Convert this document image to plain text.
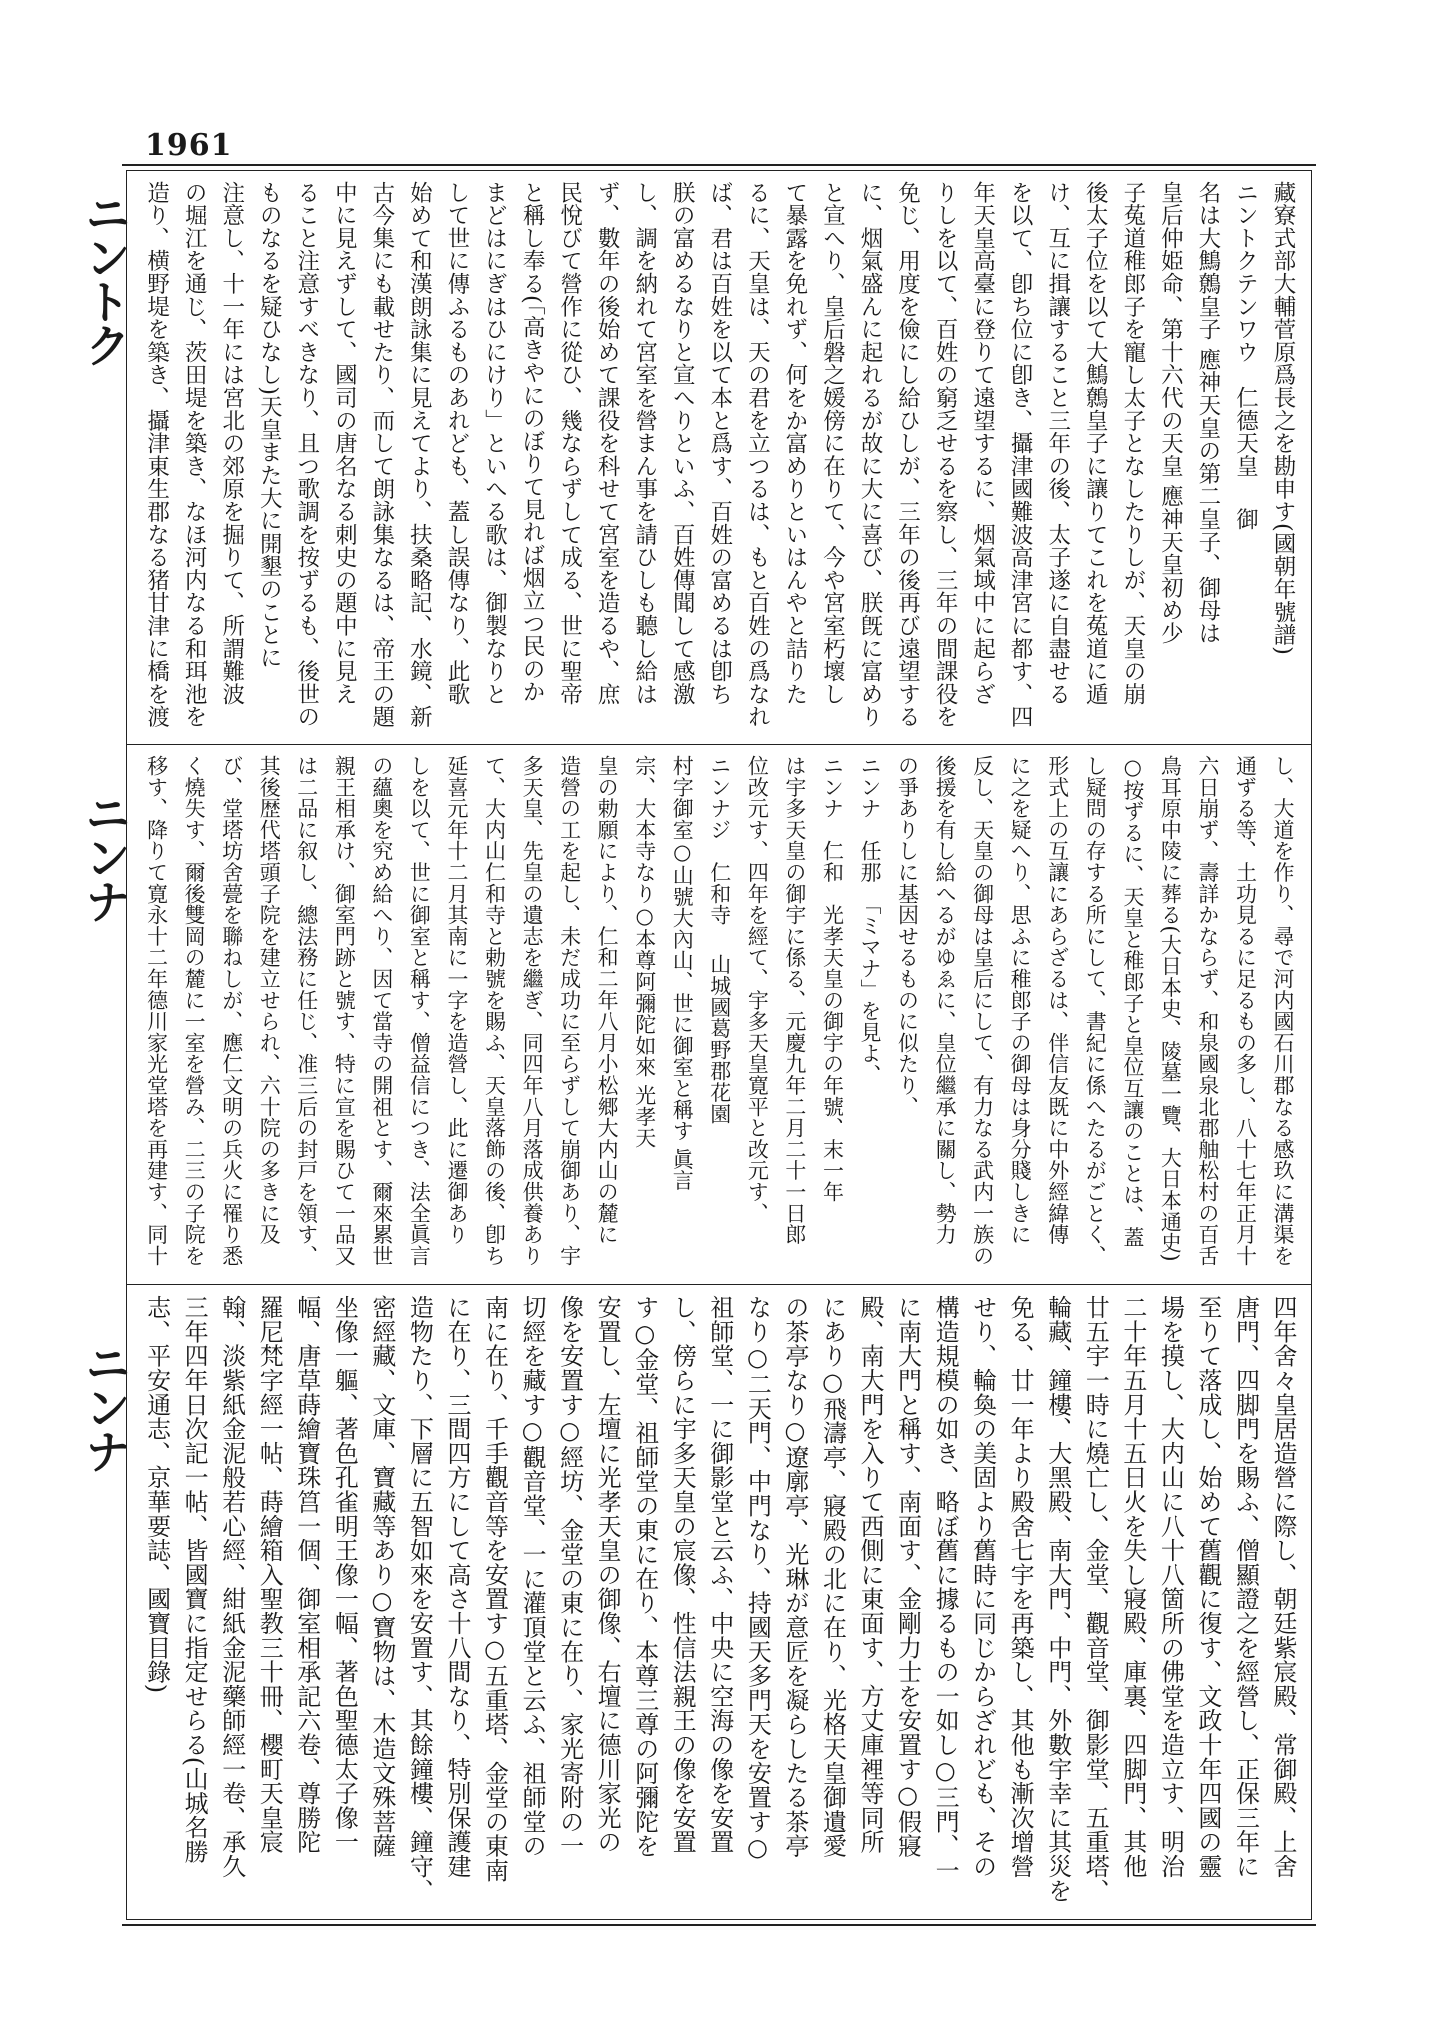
1961
ニントク
ニンナ
ニンナ
藏寮式部大輔菅原爲長之を勘申す(國朝年號譜)
ニントクテンワウ　仁德天皇　 御
名は大鷦鷯皇子 應神天皇の第二皇子、御母は
皇后仲姫命、第十六代の天皇 應神天皇初め少
子菟道稚郎子を寵し太子となしたりしが、天皇の崩
後太子位を以て大鷦鷯皇子に讓りてこれを菟道に遁
け、互に揖讓すること三年の後、太子遂に自盡せる
を以て、卽ち位に卽き、攝津國難波高津宮に都す、四
年天皇高臺に登りて遠望するに、烟氣域中に起らざ
りしを以て、百姓の窮乏せるを察し、三年の間課役を
免じ、用度を儉にし給ひしが、三年の後再び遠望する
に、烟氣盛んに起れるが故に大に喜び、朕旣に富めり
と宣へり、皇后磐之媛傍に在りて、今や宮室朽壞し
て暴露を免れず、何をか富めりといはんやと詰りた
るに、天皇は、天の君を立つるは、もと百姓の爲なれ
ば、君は百姓を以て本と爲す、百姓の富めるは卽ち
朕の富めるなりと宣へりといふ、百姓傳聞して感激
し、調を納れて宮室を營まん事を請ひしも聽し給は
ず、數年の後始めて課役を科せて宮室を造るや、庶
民悅びて營作に從ひ、幾ならずして成る、世に聖帝
と稱し奉る(「高きやにのぼりて見れば烟立つ民のか
まどはにぎはひにけり」といへる歌は、御製なりと
して世に傳ふるものあれども、蓋し誤傳なり、此歌
始めて和漢朗詠集に見えてより、扶桑略記、水鏡、新
古今集にも載せたり、而して朗詠集なるは、帝王の題
中に見えずして、國司の唐名なる刺史の題中に見え
ること注意すべきなり、且つ歌調を按ずるも、後世の
ものなるを疑ひなし)天皇また大に開墾のことに
注意し、十一年には宮北の郊原を掘りて、所謂難波
の堀江を通じ、茨田堤を築き、なほ河内なる和珥池を
造り、横野堤を築き、攝津東生郡なる猪甘津に橋を渡
し、大道を作り、尋で河内國石川郡なる感玖に溝渠を
通ずる等、土功見るに足るもの多し、八十七年正月十
六日崩ず、壽詳かならず、和泉國泉北郡舳松村の百舌
鳥耳原中陵に葬る(大日本史、陵墓一覽、大日本通史)
○按ずるに、天皇と稚郎子と皇位互讓のことは、蓋
し疑問の存する所にして、書紀に係へたるがごとく、
形式上の互讓にあらざるは、伴信友既に中外經緯傳
に之を疑へり、思ふに稚郎子の御母は身分賤しきに
反し、天皇の御母は皇后にして、有力なる武内一族の
後援を有し給へるがゆゑに、皇位繼承に關し、勢力
の爭ありしに基因せるものに似たり、
ニンナ　任那　「ミマナ」を見よ、
ニンナ　仁和　光孝天皇の御宇の年號、末一年
は宇多天皇の御宇に係る、元慶九年二月二十一日郎
位改元す、四年を經て、宇多天皇寛平と改元す、
ニンナジ　仁和寺　 山城國葛野郡花園
村字御室○山號大內山、世に御室と稱す 眞言
宗、大本寺なり○本尊阿彌陀如來 光孝天
皇の勅願により、仁和二年八月小松郷大内山の麓に
造營の工を起し、未だ成功に至らずして崩御あり、宇
多天皇、先皇の遺志を繼ぎ、同四年八月落成供養あり
て、大内山仁和寺と勅號を賜ふ、天皇落飾の後、卽ち
延喜元年十二月其南に一字を造營し、此に遷御あり
しを以て、世に御室と稱す、僧益信につき、法全眞言
の蘊奧を究め給へり、因て當寺の開祖とす、爾來累世
親王相承け、御室門跡と號す、特に宣を賜ひて一品又
は二品に叙し、總法務に任じ、准三后の封戸を領す、
其後歴代塔頭子院を建立せられ、六十院の多きに及
び、堂塔坊舍甍を聯ねしが、應仁文明の兵火に罹り悉
く燒失す、爾後雙岡の麓に一室を營み、二三の子院を
移す、降りて寛永十二年德川家光堂塔を再建す、同十
四年舍々皇居造營に際し、朝廷紫宸殿、常御殿、上舍
唐門、四脚門を賜ふ、僧顯證之を經營し、正保三年に
至りて落成し、始めて舊觀に復す、文政十年四國の靈
場を摸し、大内山に八十八箇所の佛堂を造立す、明治
二十年五月十五日火を失し寢殿、庫裏、四脚門、其他
廿五宇一時に燒亡し、金堂、觀音堂、御影堂、五重塔、
輪藏、鐘樓、大黑殿、南大門、中門、外數宇幸に其災を
免る、廿一年より殿舍七宇を再築し、其他も漸次增營
せり、輪奐の美固より舊時に同じからざれども、その
構造規模の如き、略ぼ舊に據るもの一如し○三門、一
に南大門と稱す、南面す、金剛力士を安置す○假寢
殿、南大門を入りて西側に東面す、方丈庫裡等同所
にあり○飛濤亭、寢殿の北に在り、光格天皇御遺愛
の茶亭なり○遼廓亭、光琳が意匠を凝らしたる茶亭
なり○二天門、中門なり、持國天多門天を安置す○
祖師堂、一に御影堂と云ふ、中央に空海の像を安置
し、傍らに宇多天皇の宸像、性信法親王の像を安置
す○金堂、祖師堂の東に在り、本尊三尊の阿彌陀を
安置し、左壇に光孝天皇の御像、右壇に德川家光の
像を安置す○經坊、金堂の東に在り、家光寄附の一
切經を藏す○觀音堂、一に灌頂堂と云ふ、祖師堂の
南に在り、千手觀音等を安置す○五重塔、金堂の東南
に在り、三間四方にして高さ十八間なり、特別保護建
造物たり、下層に五智如來を安置す、其餘鐘樓、鐘守、
密經藏、文庫、寶藏等あり○寶物は、木造文殊菩薩
坐像一軀、著色孔雀明王像一幅、著色聖德太子像一
幅、唐草蒔繪寶珠筥一個、御室相承記六卷、尊勝陀
羅尼梵字經一帖、蒔繪箱入聖教三十冊、櫻町天皇宸
翰、淡紫紙金泥般若心經、紺紙金泥藥師經一卷、承久
三年四年日次記一帖、皆國寶に指定せらる(山城名勝
志、平安通志、京華要誌、國寶目錄)
